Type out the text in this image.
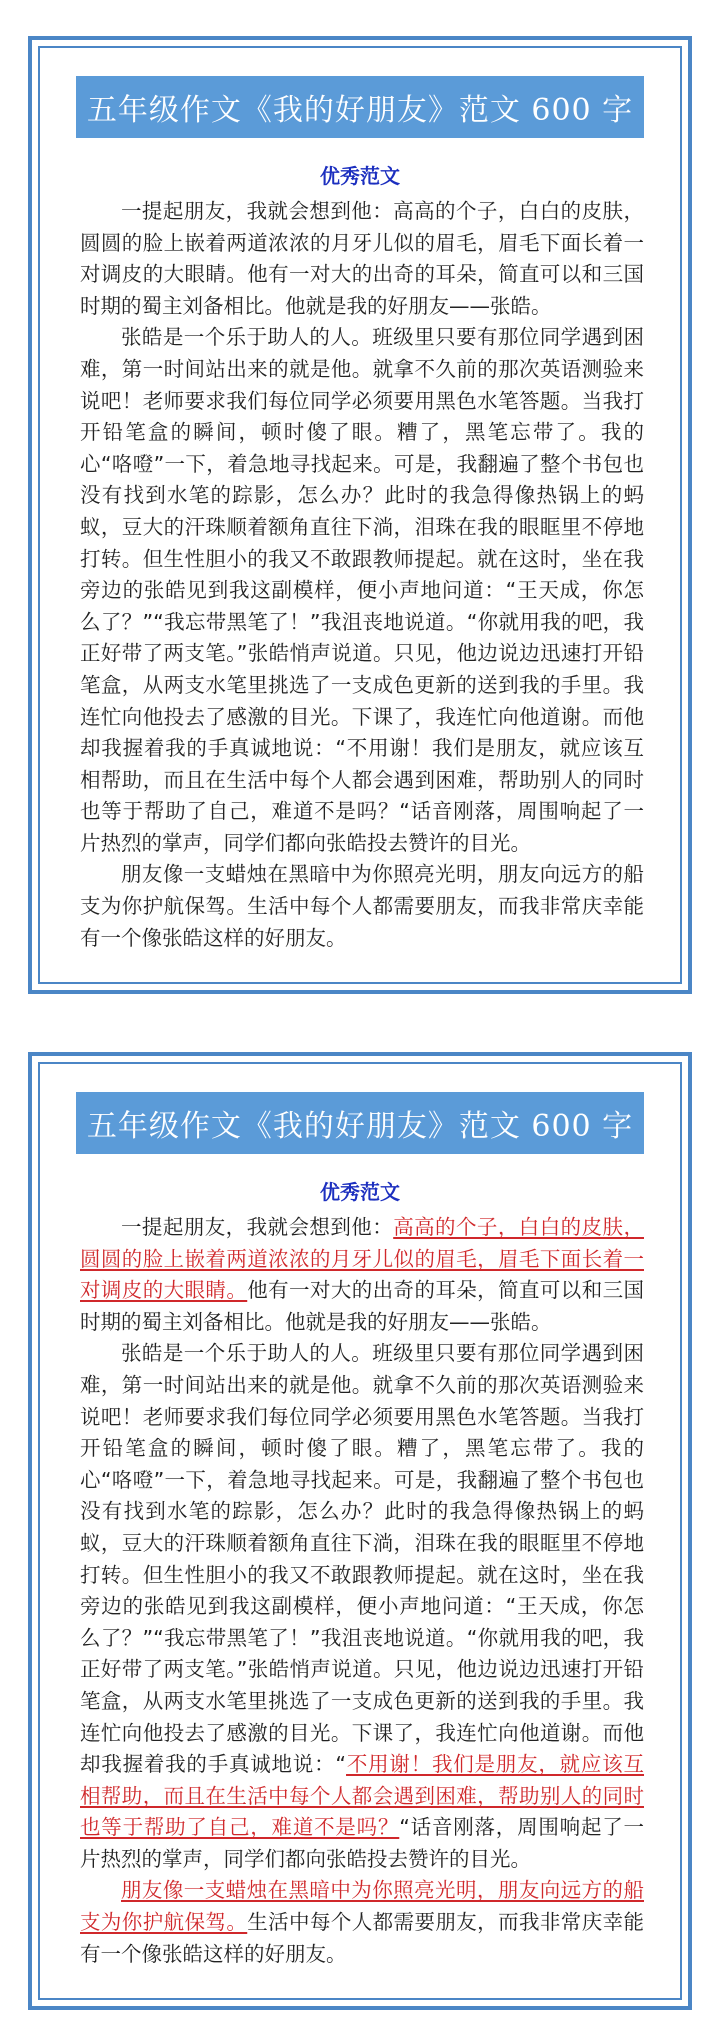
五年级作文《我的好朋友》范文 600 字
优秀范文

一提起朋友，我就会想到他：高高的个子，白白的皮肤，圆圆的脸上嵌着两道浓浓的月牙儿似的眉毛，眉毛下面长着一对调皮的大眼睛。他有一对大的出奇的耳朵，简直可以和三国时期的蜀主刘备相比。他就是我的好朋友——张皓。

张皓是一个乐于助人的人。班级里只要有那位同学遇到困难，第一时间站出来的就是他。就拿不久前的那次英语测验来说吧！老师要求我们每位同学必须要用黑色水笔答题。当我打开铅笔盒的瞬间，顿时傻了眼。糟了，黑笔忘带了。我的心“咯噔”一下，着急地寻找起来。可是，我翻遍了整个书包也没有找到水笔的踪影，怎么办？此时的我急得像热锅上的蚂蚁，豆大的汗珠顺着额角直往下淌，泪珠在我的眼眶里不停地打转。但生性胆小的我又不敢跟教师提起。就在这时，坐在我旁边的张皓见到我这副模样，便小声地问道：“王天成，你怎么了？”“我忘带黑笔了！”我沮丧地说道。“你就用我的吧，我正好带了两支笔。”张皓悄声说道。只见，他边说边迅速打开铅笔盒，从两支水笔里挑选了一支成色更新的送到我的手里。我连忙向他投去了感激的目光。下课了，我连忙向他道谢。而他却我握着我的手真诚地说：“不用谢！我们是朋友，就应该互相帮助，而且在生活中每个人都会遇到困难，帮助别人的同时也等于帮助了自己，难道不是吗？“话音刚落，周围响起了一片热烈的掌声，同学们都向张皓投去赞许的目光。

朋友像一支蜡烛在黑暗中为你照亮光明，朋友向远方的船支为你护航保驾。生活中每个人都需要朋友，而我非常庆幸能有一个像张皓这样的好朋友。

五年级作文《我的好朋友》范文 600 字
优秀范文

一提起朋友，我就会想到他：高高的个子，白白的皮肤，圆圆的脸上嵌着两道浓浓的月牙儿似的眉毛，眉毛下面长着一对调皮的大眼睛。他有一对大的出奇的耳朵，简直可以和三国时期的蜀主刘备相比。他就是我的好朋友——张皓。

张皓是一个乐于助人的人。班级里只要有那位同学遇到困难，第一时间站出来的就是他。就拿不久前的那次英语测验来说吧！老师要求我们每位同学必须要用黑色水笔答题。当我打开铅笔盒的瞬间，顿时傻了眼。糟了，黑笔忘带了。我的心“咯噔”一下，着急地寻找起来。可是，我翻遍了整个书包也没有找到水笔的踪影，怎么办？此时的我急得像热锅上的蚂蚁，豆大的汗珠顺着额角直往下淌，泪珠在我的眼眶里不停地打转。但生性胆小的我又不敢跟教师提起。就在这时，坐在我旁边的张皓见到我这副模样，便小声地问道：“王天成，你怎么了？”“我忘带黑笔了！”我沮丧地说道。“你就用我的吧，我正好带了两支笔。”张皓悄声说道。只见，他边说边迅速打开铅笔盒，从两支水笔里挑选了一支成色更新的送到我的手里。我连忙向他投去了感激的目光。下课了，我连忙向他道谢。而他却我握着我的手真诚地说：“不用谢！我们是朋友，就应该互相帮助，而且在生活中每个人都会遇到困难，帮助别人的同时也等于帮助了自己，难道不是吗？“话音刚落，周围响起了一片热烈的掌声，同学们都向张皓投去赞许的目光。

朋友像一支蜡烛在黑暗中为你照亮光明，朋友向远方的船支为你护航保驾。生活中每个人都需要朋友，而我非常庆幸能有一个像张皓这样的好朋友。
